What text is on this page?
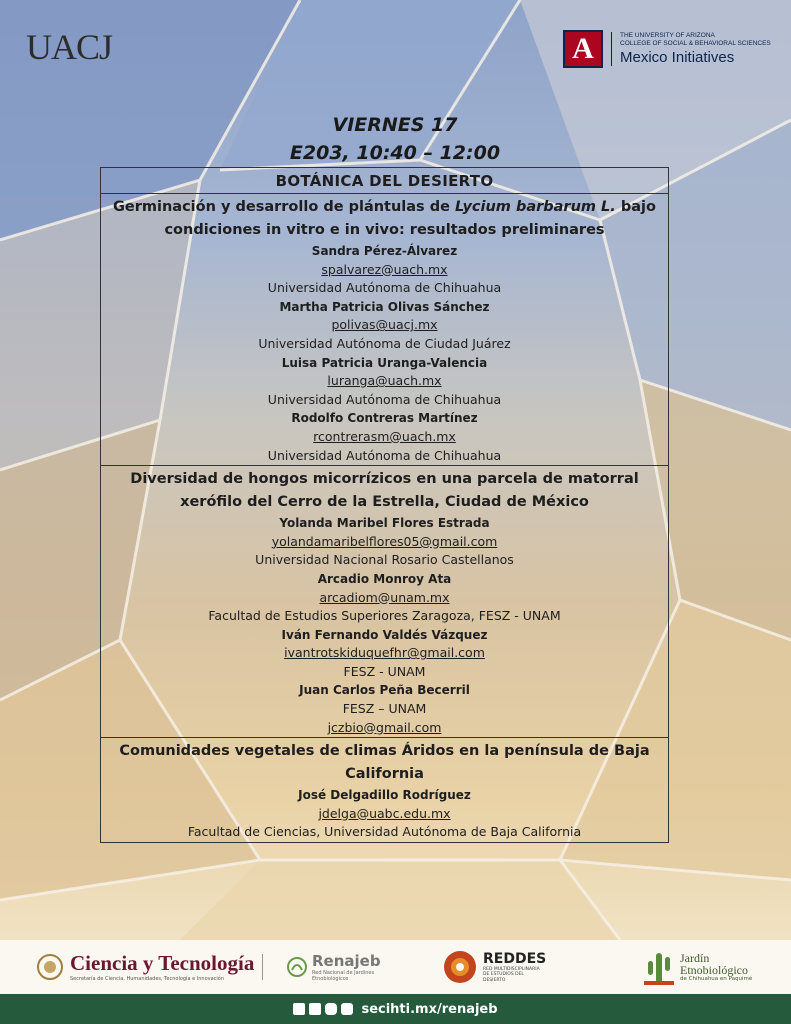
UACJ	A	THE UNIVERSITY OF ARIZONA
COLLEGE OF SOCIAL & BEHAVIORAL SCIENCES
Mexico Initiatives
VIERNES 17
E203, 10:40 – 12:00
BOTÁNICA DEL DESIERTO
Germinación y desarrollo de plántulas de Lycium barbarum L. bajo condiciones in vitro e in vivo: resultados preliminares
Sandra Pérez-Álvarez
spalvarez@uach.mx
Universidad Autónoma de Chihuahua
Martha Patricia Olivas Sánchez
polivas@uacj.mx
Universidad Autónoma de Ciudad Juárez
Luisa Patricia Uranga-Valencia
luranga@uach.mx
Universidad Autónoma de Chihuahua
Rodolfo Contreras Martínez
rcontrerasm@uach.mx
Universidad Autónoma de Chihuahua
Diversidad de hongos micorrízicos en una parcela de matorral xerófilo del Cerro de la Estrella, Ciudad de México
Yolanda Maribel Flores Estrada
yolandamaribelflores05@gmail.com
Universidad Nacional Rosario Castellanos
Arcadio Monroy Ata
arcadiom@unam.mx
Facultad de Estudios Superiores Zaragoza, FESZ - UNAM
Iván Fernando Valdés Vázquez
ivantrotskiduquefhr@gmail.com
FESZ - UNAM
Juan Carlos Peña Becerril
FESZ – UNAM
jczbio@gmail.com
Comunidades vegetales de climas Áridos en la península de Baja California
José Delgadillo Rodríguez
jdelga@uabc.edu.mx
Facultad de Ciencias, Universidad Autónoma de Baja California
Ciencia y Tecnología
Secretaría de Ciencia, Humanidades, Tecnología e Innovación
Renajeb
Red Nacional de Jardines Etnobiológicos
REDDES
RED MULTIDISCIPLINARIA DE ESTUDIOS DEL DESIERTO
Jardín Etnobiológico
de Chihuahua en Paquimé
secihti.mx/renajeb
